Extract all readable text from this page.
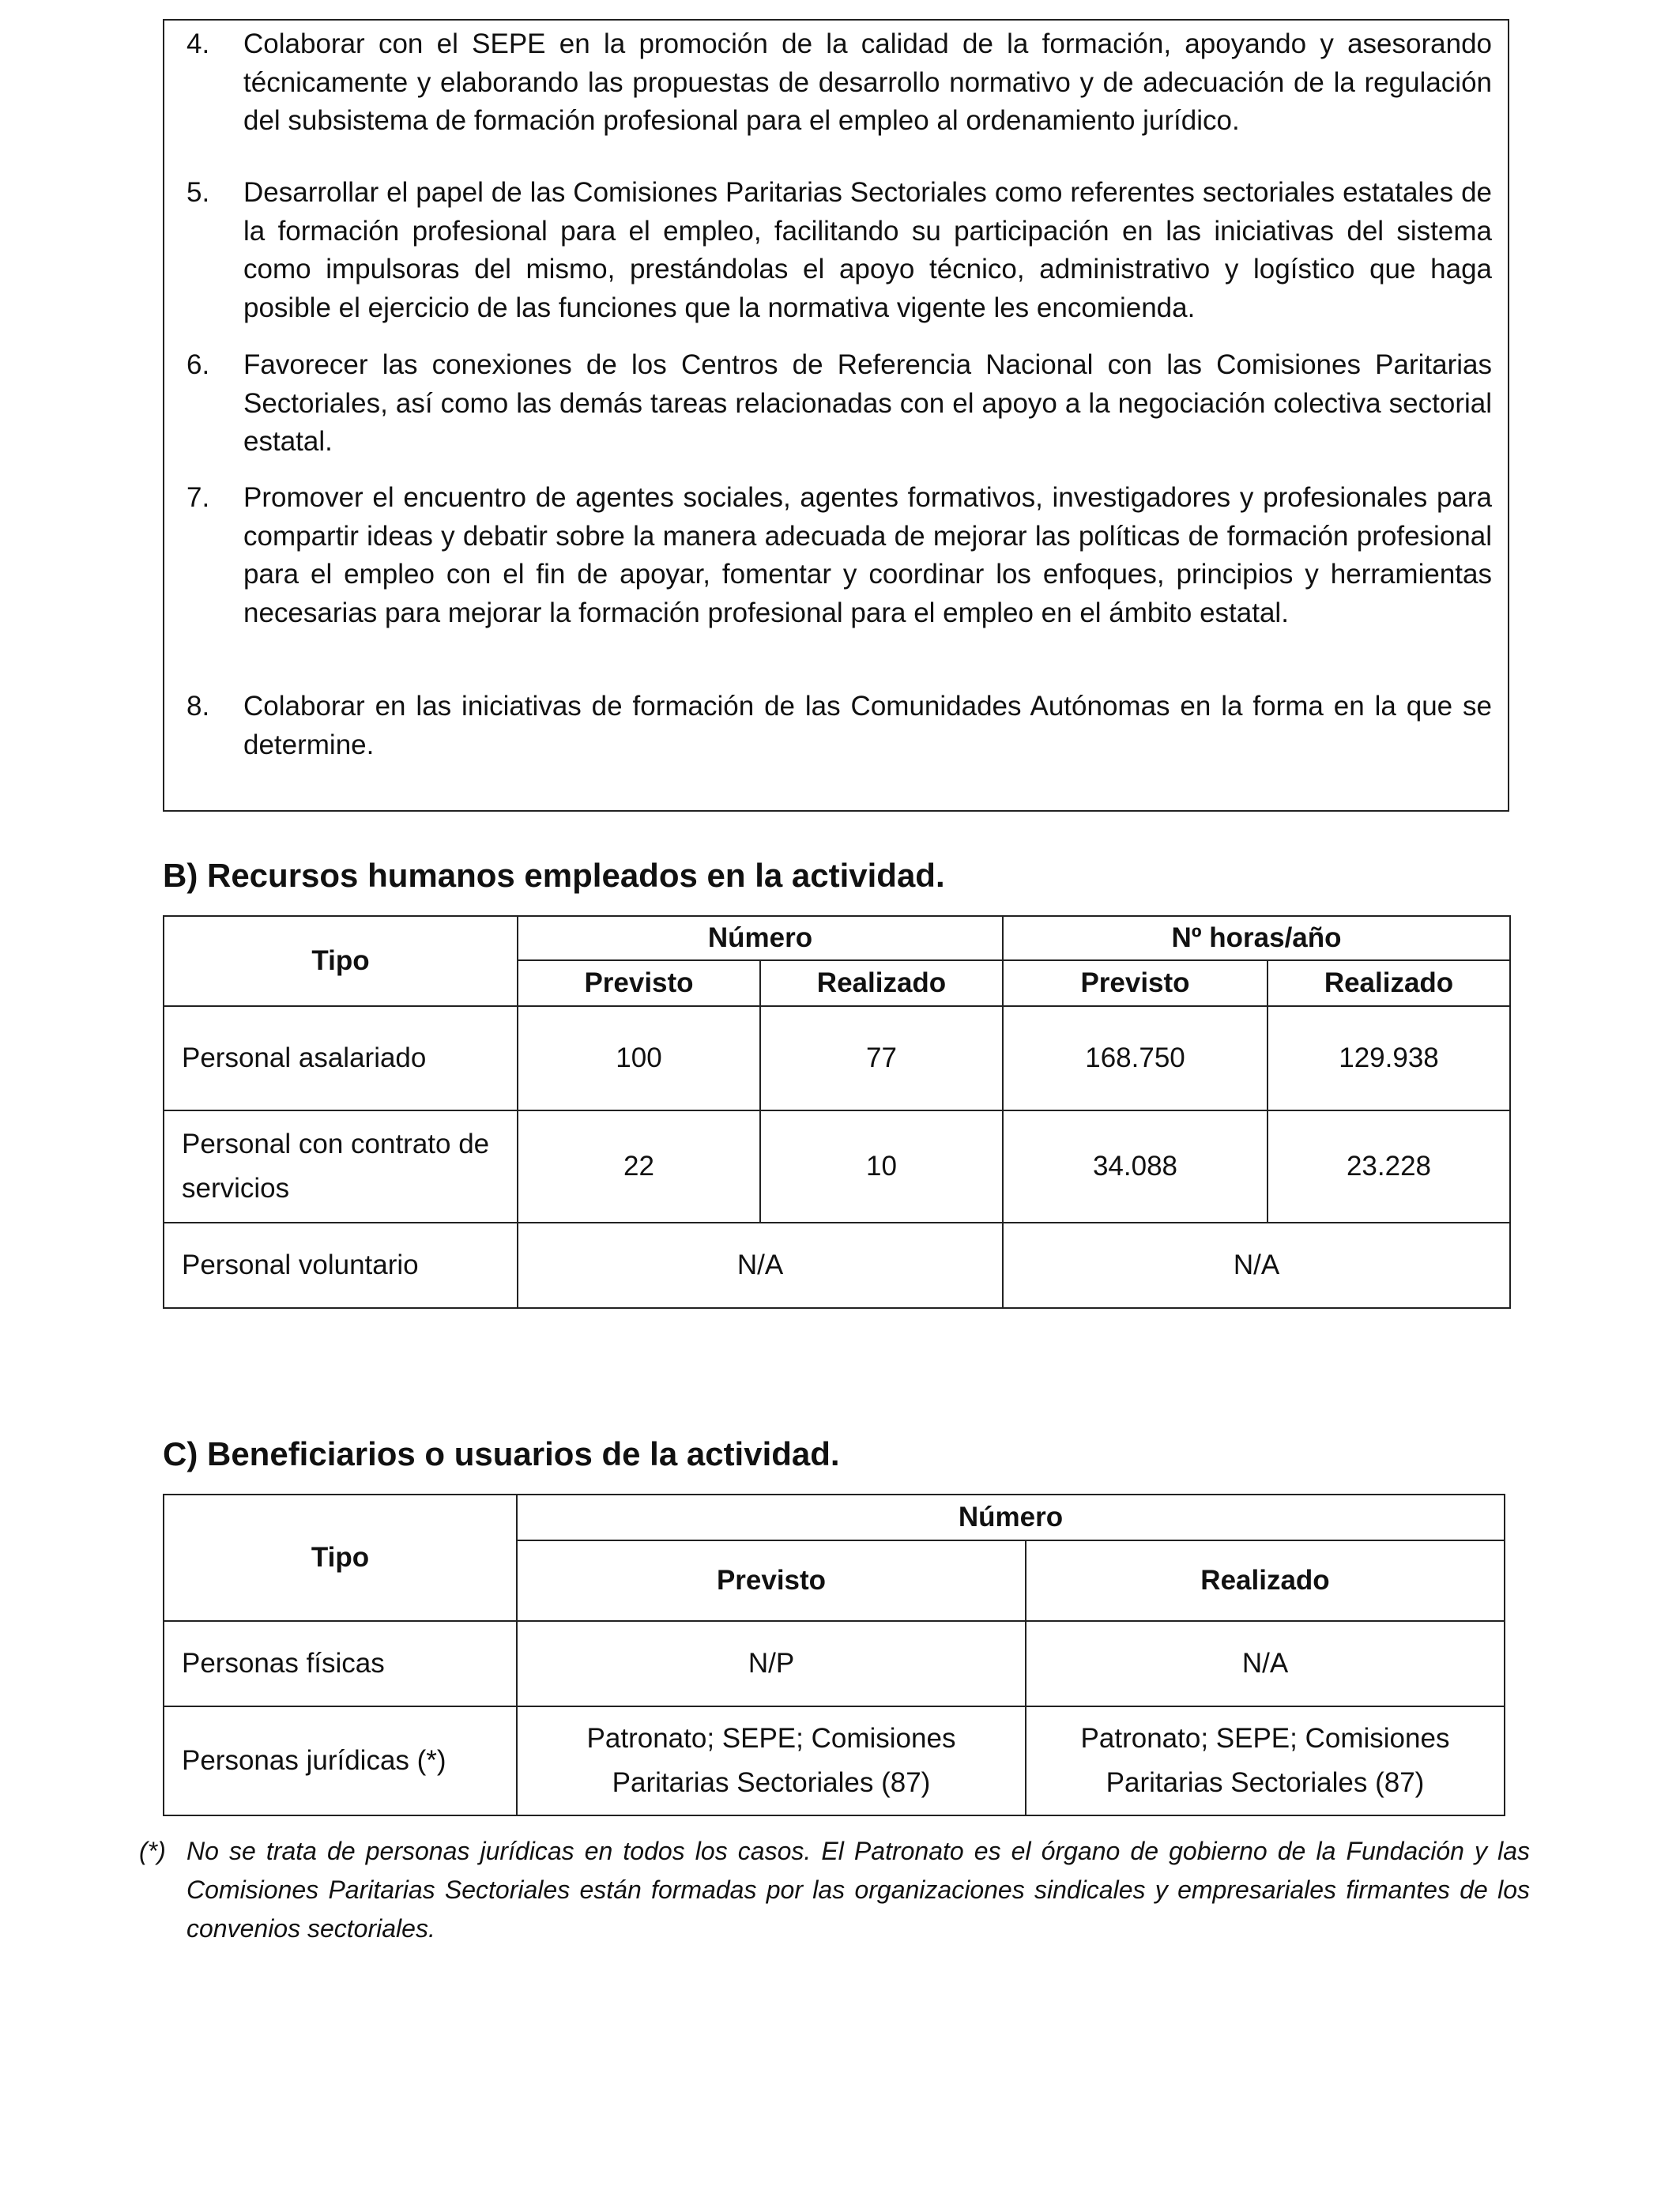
4. Colaborar con el SEPE en la promoción de la calidad de la formación, apoyando y asesorando técnicamente y elaborando las propuestas de desarrollo normativo y de adecuación de la regulación del subsistema de formación profesional para el empleo al ordenamiento jurídico.

5. Desarrollar el papel de las Comisiones Paritarias Sectoriales como referentes sectoriales estatales de la formación profesional para el empleo, facilitando su participación en las iniciativas del sistema como impulsoras del mismo, prestándolas el apoyo técnico, administrativo y logístico que haga posible el ejercicio de las funciones que la normativa vigente les encomienda.

6. Favorecer las conexiones de los Centros de Referencia Nacional con las Comisiones Paritarias Sectoriales, así como las demás tareas relacionadas con el apoyo a la negociación colectiva sectorial estatal.

7. Promover el encuentro de agentes sociales, agentes formativos, investigadores y profesionales para compartir ideas y debatir sobre la manera adecuada de mejorar las políticas de formación profesional para el empleo con el fin de apoyar, fomentar y coordinar los enfoques, principios y herramientas necesarias para mejorar la formación profesional para el empleo en el ámbito estatal.

8. Colaborar en las iniciativas de formación de las Comunidades Autónomas en la forma en la que se determine.

B) Recursos humanos empleados en la actividad.
Tipo	Número		Nº horas/año	
	Previsto	Realizado	Previsto	Realizado
Personal asalariado	100	77	168.750	129.938
Personal con contrato de servicios	22	10	34.088	23.228
Personal voluntario	N/A		N/A	
C) Beneficiarios o usuarios de la actividad.
Tipo	Número	
	Previsto	Realizado
Personas físicas	N/P	N/A
Personas jurídicas (*)	Patronato; SEPE; Comisiones Paritarias Sectoriales (87)	Patronato; SEPE; Comisiones Paritarias Sectoriales (87)

(*) No se trata de personas jurídicas en todos los casos. El Patronato es el órgano de gobierno de la Fundación y las Comisiones Paritarias Sectoriales están formadas por las organizaciones sindicales y empresariales firmantes de los convenios sectoriales.
